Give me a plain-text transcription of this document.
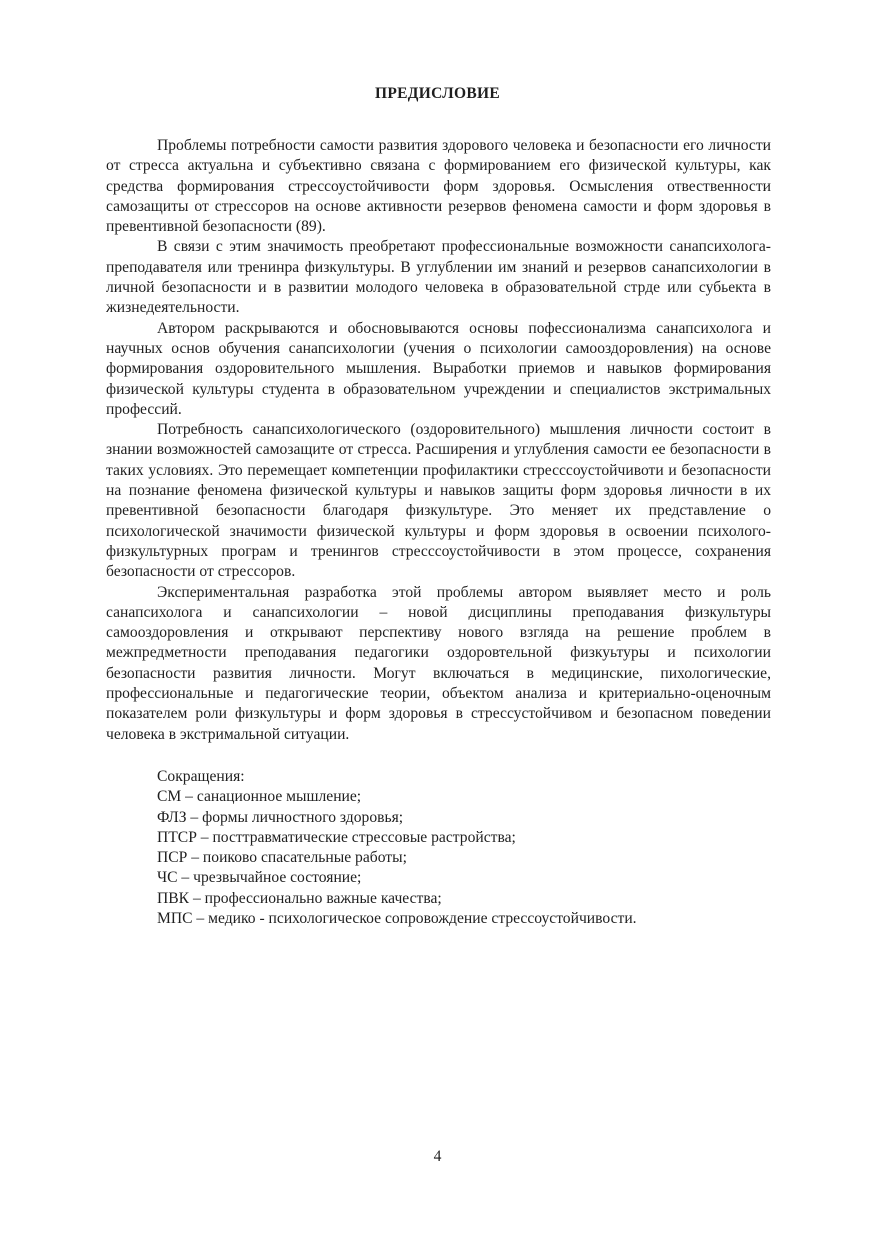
ПРЕДИСЛОВИЕ

Проблемы потребности самости развития здорового человека и безопасности его личности от стресса актуальна и субъективно связана с формированием его физической культуры, как средства формирования стрессоустойчивости форм здоровья. Осмысления отвественности самозащиты от стрессоров на основе активности резервов феномена самости и форм здоровья в превентивной безопасности (89).

В связи с этим значимость преобретают профессиональные возможности санапсихолога-преподавателя или тренинра физкультуры. В углублении им знаний и резервов санапсихологии в личной безопасности и в развитии молодого человека в образовательной стрде или субьекта в жизнедеятельности.

Автором раскрываются и обосновываются основы пофессионализма санапсихолога и научных основ обучения санапсихологии (учения о психологии самооздоровления) на основе формирования оздоровительного мышления. Выработки приемов и навыков формирования физической культуры студента в образовательном учреждении и специалистов экстримальных профессий.

Потребность санапсихологического (оздоровительного) мышления личности состоит в знании возможностей самозащите от стресса. Расширения и углубления самости ее безопасности в таких условиях. Это перемещает компетенции профилактики стресссоустойчивоти и безопасности на познание феномена физической культуры и навыков защиты форм здоровья личности в их превентивной безопасности благодаря физкультуре. Это меняет их представление о психологической значимости физической культуры и форм здоровья в освоении психолого-физкультурных програм и тренингов стресссоустойчивости в этом процессе, сохранения безопасности от стрессоров.

Экспериментальная разработка этой проблемы автором выявляет место и роль санапсихолога и санапсихологии – новой дисциплины преподавания физкультуры самооздоровления и открывают перспективу нового взгляда на решение проблем в межпредметности преподавания педагогики оздоровтельной физкуьтуры и психологии безопасности развития личности. Могут включаться в медицинские, пихологические, профессиональные и педагогические теории, объектом анализа и критериально-оценочным показателем роли физкультуры и форм здоровья в стрессустойчивом и безопасном поведении человека в экстримальной ситуации.

Сокращения:
СМ – санационное мышление;
ФЛЗ – формы личностного здоровья;
ПТСР – посттравматические стрессовые растройства;
ПСР – поиково спасательные работы;
ЧС – чрезвычайное состояние;
ПВК – профессионально важные качества;
МПС – медико - психологическое сопровождение стрессоустойчивости.
4
